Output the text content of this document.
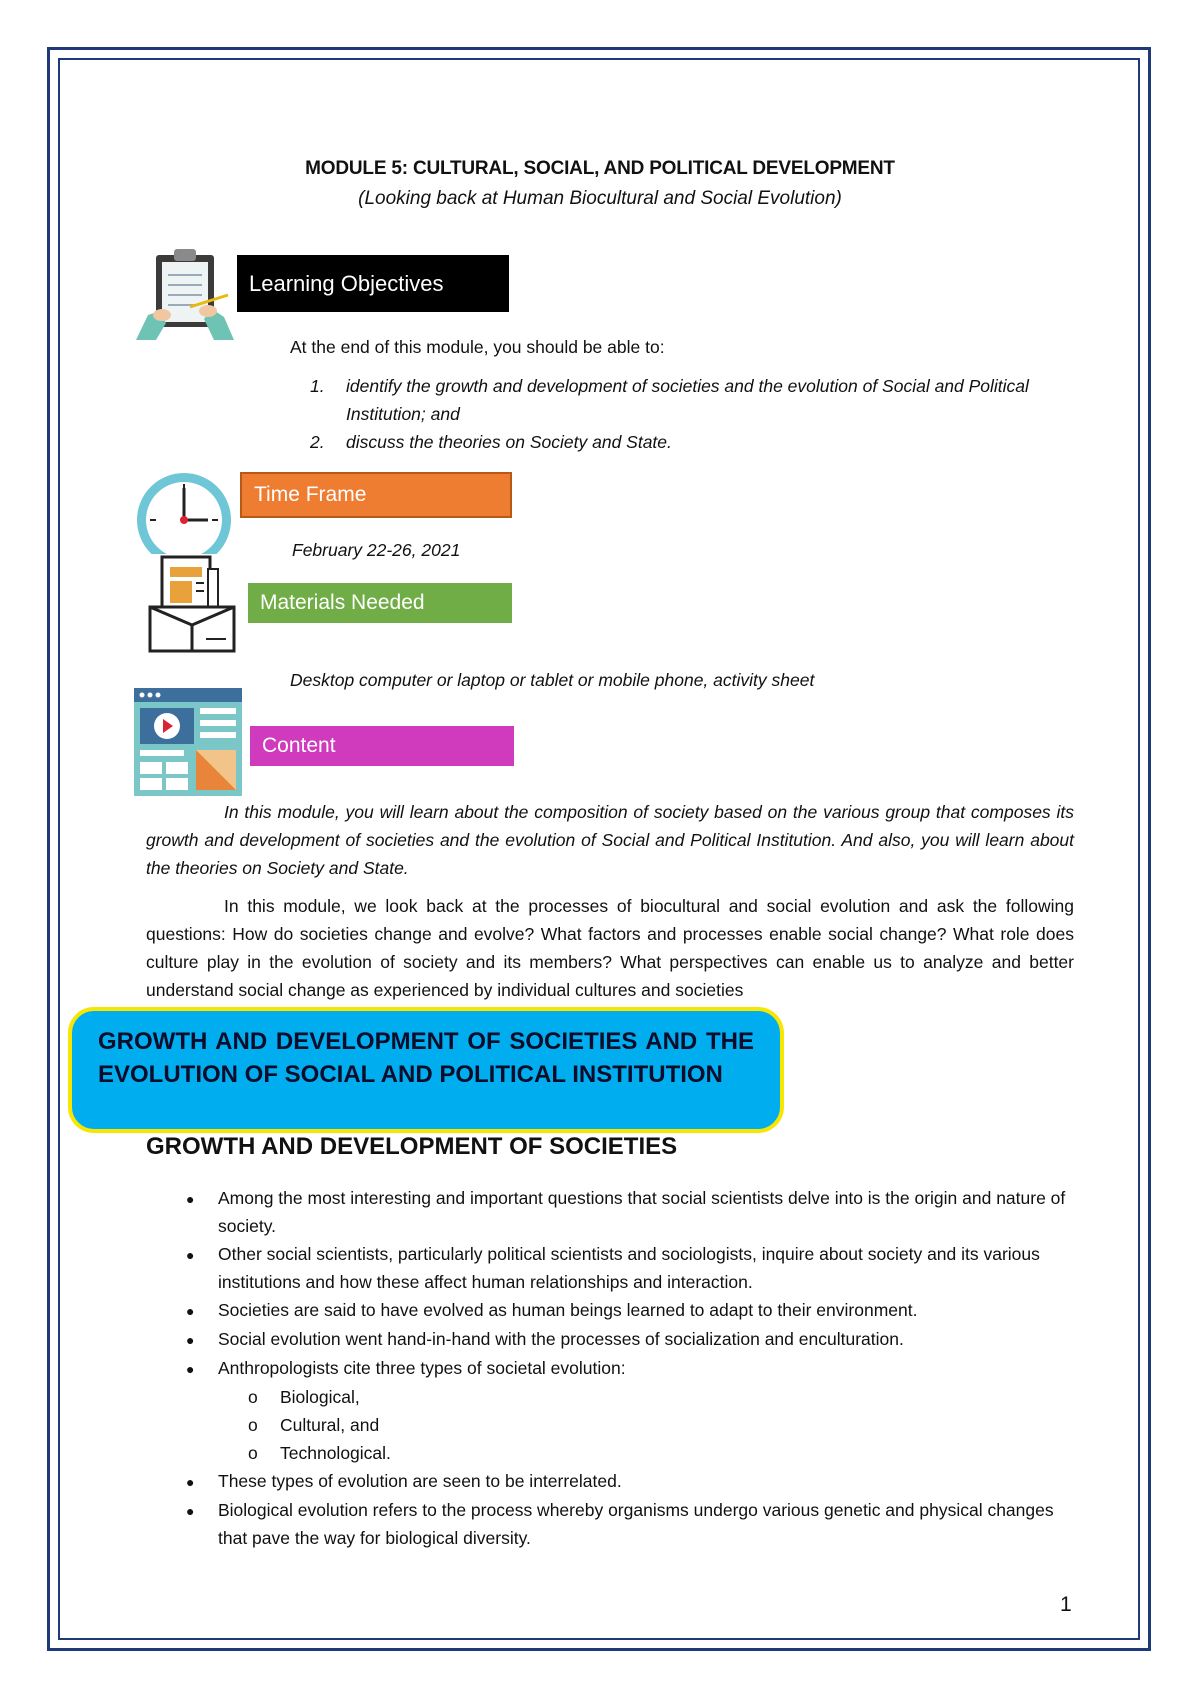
MODULE 5: CULTURAL, SOCIAL, AND POLITICAL DEVELOPMENT
(Looking back at Human Biocultural and Social Evolution)
Learning Objectives
At the end of this module, you should be able to:
1.	identify the growth and development of societies and the evolution of Social and Political Institution; and
2.	discuss the theories on Society and State.
Time Frame
February 22-26, 2021
Materials Needed
Desktop computer or laptop or tablet or mobile phone, activity sheet
Content
In this module, you will learn about the composition of society based on the various group that composes its growth and development of societies and the evolution of Social and Political Institution. And also, you will learn about the theories on Society and State.
In this module, we look back at the processes of biocultural and social evolution and ask the following questions: How do societies change and evolve? What factors and processes enable social change? What role does culture play in the evolution of society and its members? What perspectives can enable us to analyze and better understand social change as experienced by individual cultures and societies
GROWTH AND DEVELOPMENT OF SOCIETIES AND THE EVOLUTION OF SOCIAL AND POLITICAL INSTITUTION
GROWTH AND DEVELOPMENT OF SOCIETIES
●	Among the most interesting and important questions that social scientists delve into is the origin and nature of society.
●	Other social scientists, particularly political scientists and sociologists, inquire about society and its various institutions and how these affect human relationships and interaction.
●	Societies are said to have evolved as human beings learned to adapt to their environment.
●	Social evolution went hand-in-hand with the processes of socialization and enculturation.
●	Anthropologists cite three types of societal evolution:
o	Biological,
o	Cultural, and
o	Technological.
●	These types of evolution are seen to be interrelated.
●	Biological evolution refers to the process whereby organisms undergo various genetic and physical changes that pave the way for biological diversity.
1
